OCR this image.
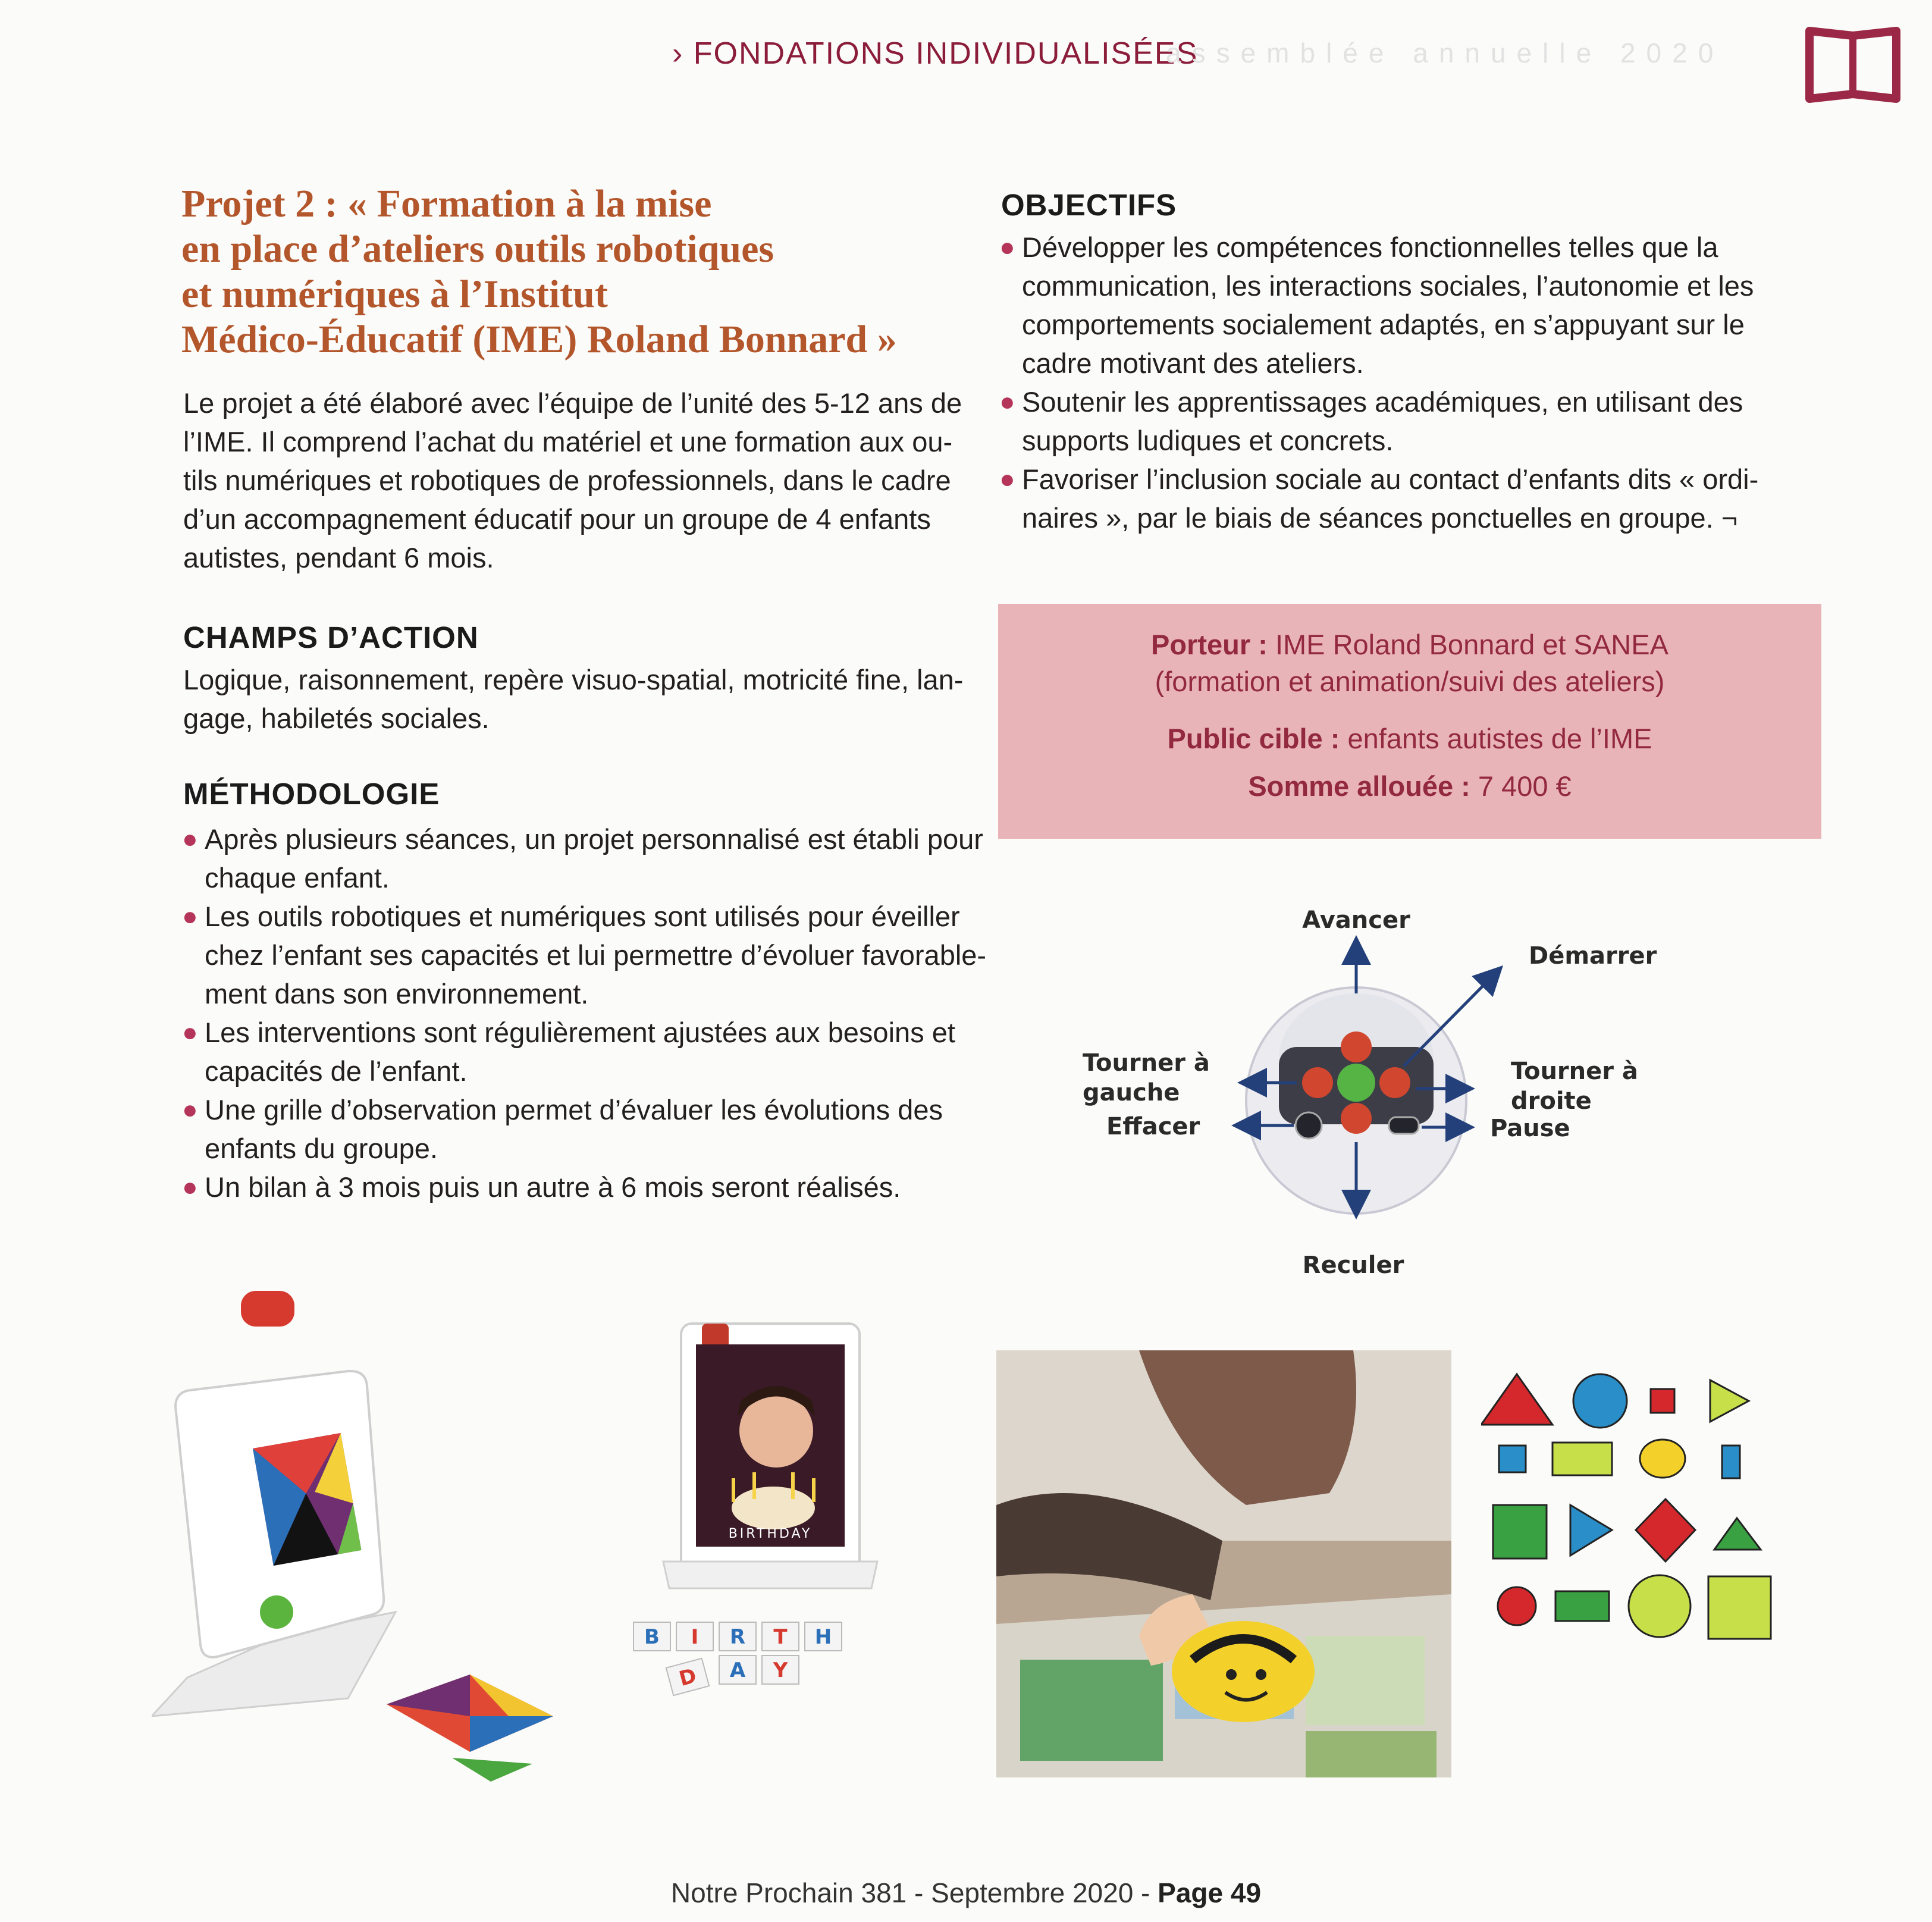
› FONDATIONS INDIVIDUALISÉES
assemblée annuelle 2020
Projet 2 : « Formation à la mise
en place d’ateliers outils robotiques
et numériques à l’Institut
Médico-Éducatif (IME) Roland Bonnard »
Le projet a été élaboré avec l’équipe de l’unité des 5-12 ans de
l’IME. Il comprend l’achat du matériel et une formation aux ou-
tils numériques et robotiques de professionnels, dans le cadre
d’un accompagnement éducatif pour un groupe de 4 enfants
autistes, pendant 6 mois.
CHAMPS D’ACTION
Logique, raisonnement, repère visuo-spatial, motricité fine, lan-
gage, habiletés sociales.
MÉTHODOLOGIE
● Après plusieurs séances, un projet personnalisé est établi pour
chaque enfant.
● Les outils robotiques et numériques sont utilisés pour éveiller
chez l’enfant ses capacités et lui permettre d’évoluer favorable-
ment dans son environnement.
● Les interventions sont régulièrement ajustées aux besoins et
capacités de l’enfant.
● Une grille d’observation permet d’évaluer les évolutions des
enfants du groupe.
● Un bilan à 3 mois puis un autre à 6 mois seront réalisés.
OBJECTIFS
● Développer les compétences fonctionnelles telles que la
communication, les interactions sociales, l’autonomie et les
comportements socialement adaptés, en s’appuyant sur le
cadre motivant des ateliers.
● Soutenir les apprentissages académiques, en utilisant des
supports ludiques et concrets.
● Favoriser l’inclusion sociale au contact d’enfants dits « ordi-
naires », par le biais de séances ponctuelles en groupe. ¬
Porteur : IME Roland Bonnard et SANEA
(formation et animation/suivi des ateliers)
Public cible : enfants autistes de l’IME
Somme allouée : 7 400 €
Avancer
Démarrer
Tourner à
gauche
Tourner à
droite
Effacer	Pause
Reculer
BIRTHDAY
B I R T H
D A Y
Notre Prochain 381 - Septembre 2020 - Page 49
